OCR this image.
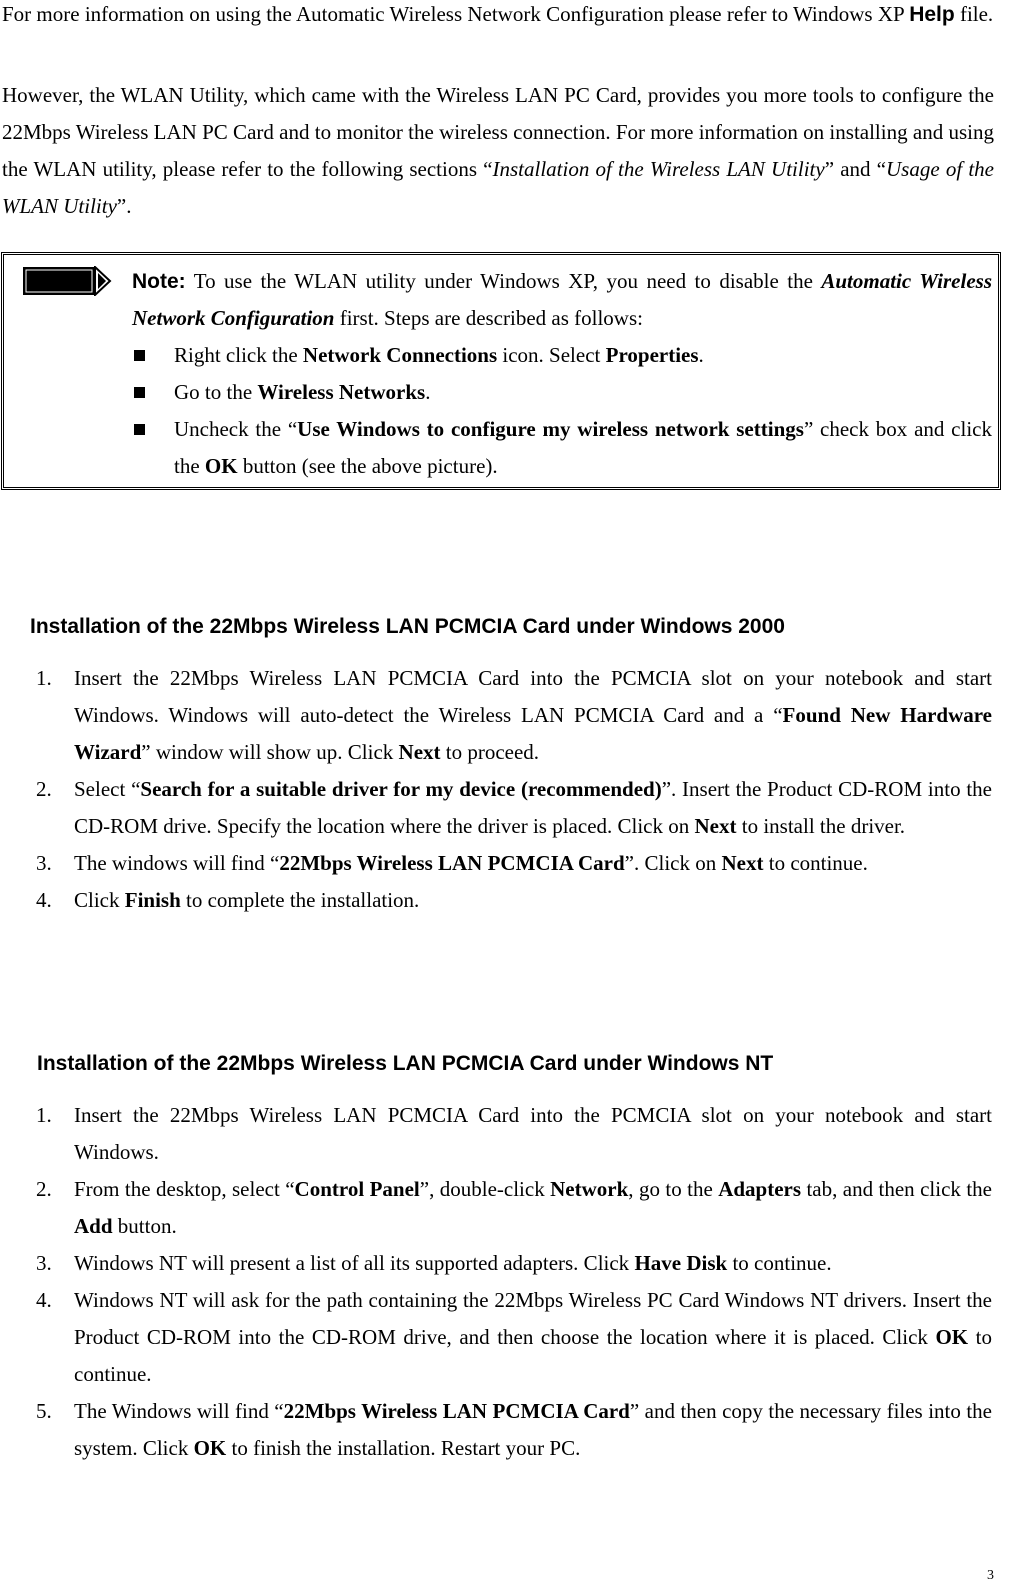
For more information on using the Automatic Wireless Network Configuration please refer to Windows XP Help file.

However, the WLAN Utility, which came with the Wireless LAN PC Card, provides you more tools to configure the 22Mbps Wireless LAN PC Card and to monitor the wireless connection. For more information on installing and using the WLAN utility, please refer to the following sections “Installation of the Wireless LAN Utility” and “Usage of the WLAN Utility”.

Note: To use the WLAN utility under Windows XP, you need to disable the Automatic Wireless Network Configuration first. Steps are described as follows:

Right click the Network Connections icon. Select Properties.
Go to the Wireless Networks.
Uncheck the “Use Windows to configure my wireless network settings” check box and click the OK button (see the above picture).
Installation of the 22Mbps Wireless LAN PCMCIA Card under Windows 2000
1. Insert the 22Mbps Wireless LAN PCMCIA Card into the PCMCIA slot on your notebook and start Windows. Windows will auto-detect the Wireless LAN PCMCIA Card and a “Found New Hardware Wizard” window will show up. Click Next to proceed.
2. Select “Search for a suitable driver for my device (recommended)”. Insert the Product CD-ROM into the CD-ROM drive. Specify the location where the driver is placed. Click on Next to install the driver.
3. The windows will find “22Mbps Wireless LAN PCMCIA Card”. Click on Next to continue.
4. Click Finish to complete the installation.
Installation of the 22Mbps Wireless LAN PCMCIA Card under Windows NT
1. Insert the 22Mbps Wireless LAN PCMCIA Card into the PCMCIA slot on your notebook and start Windows.
2. From the desktop, select “Control Panel”, double-click Network, go to the Adapters tab, and then click the Add button.
3. Windows NT will present a list of all its supported adapters. Click Have Disk to continue.
4. Windows NT will ask for the path containing the 22Mbps Wireless PC Card Windows NT drivers. Insert the Product CD-ROM into the CD-ROM drive, and then choose the location where it is placed. Click OK to continue.
5. The Windows will find “22Mbps Wireless LAN PCMCIA Card” and then copy the necessary files into the system. Click OK to finish the installation. Restart your PC.
3
